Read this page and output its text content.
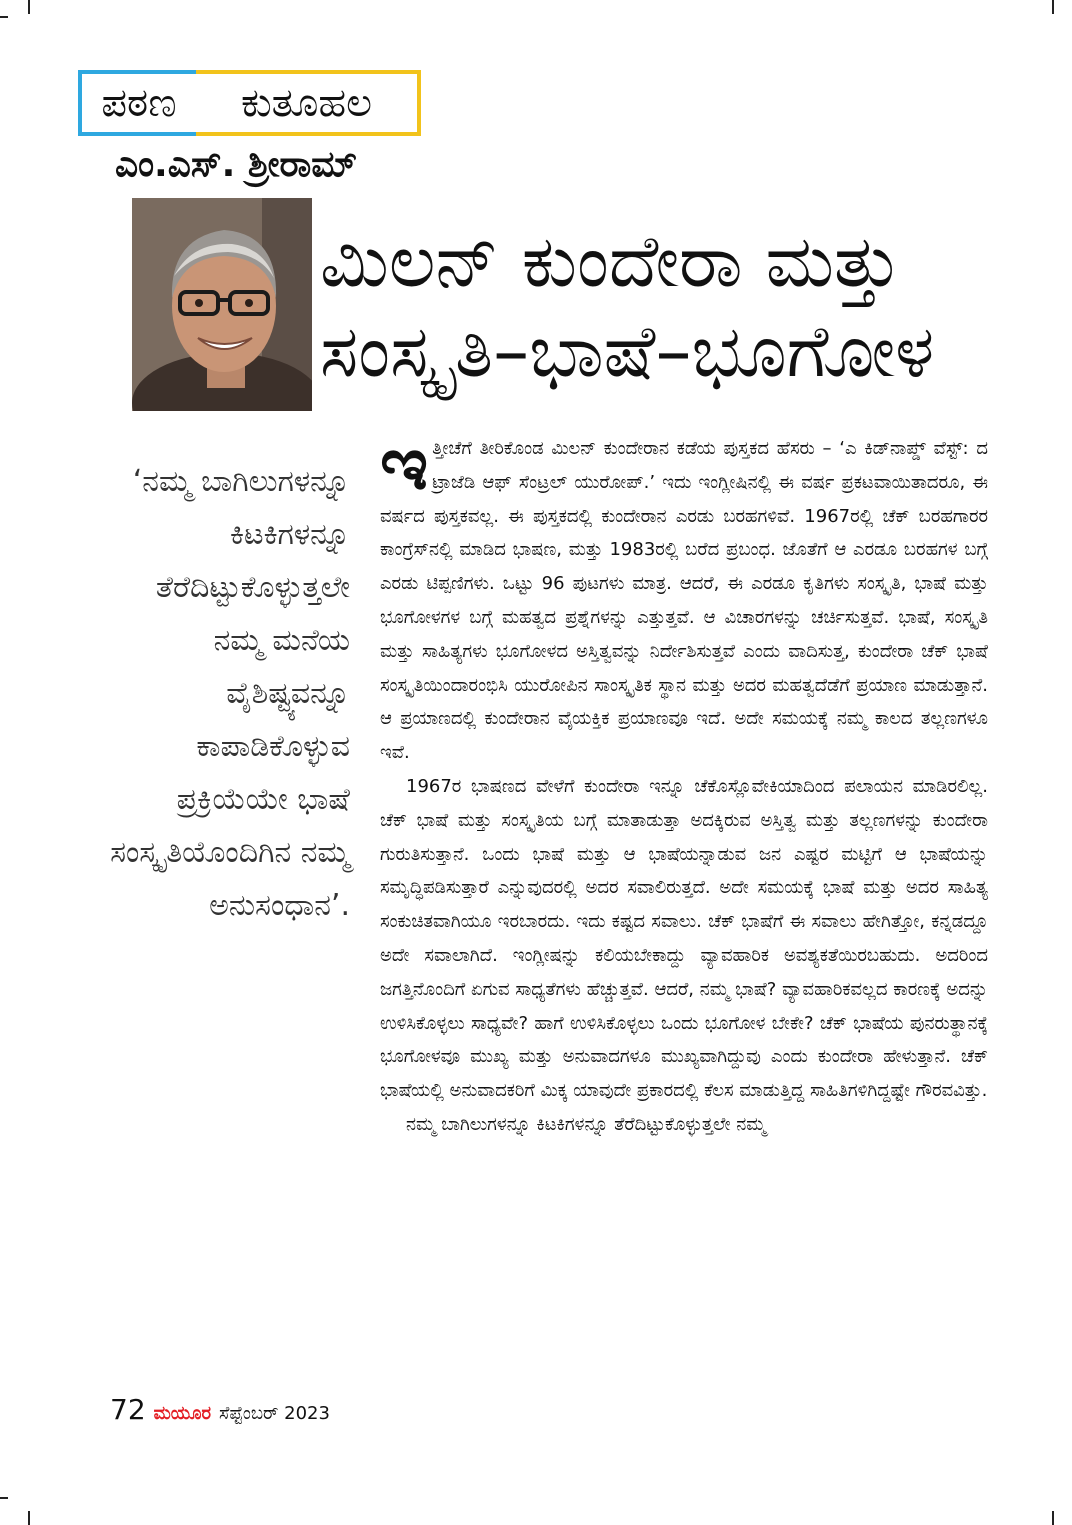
ಪಠಣ ಕುತೂಹಲ
ಎಂ.ಎಸ್. ಶ್ರೀರಾಮ್
ಮಿಲನ್ ಕುಂದೇರಾ ಮತ್ತು
ಸಂಸ್ಕೃತಿ–ಭಾಷೆ–ಭೂಗೋಳ
‘ನಮ್ಮ ಬಾಗಿಲುಗಳನ್ನೂ ಕಿಟಕಿಗಳನ್ನೂ ತೆರೆದಿಟ್ಟುಕೊಳ್ಳುತ್ತಲೇ ನಮ್ಮ ಮನೆಯ ವೈಶಿಷ್ಟ್ಯವನ್ನೂ ಕಾಪಾಡಿಕೊಳ್ಳುವ ಪ್ರಕ್ರಿಯೆಯೇ ಭಾಷೆ ಸಂಸ್ಕೃತಿಯೊಂದಿಗಿನ ನಮ್ಮ ಅನುಸಂಧಾನ’.

ಇತ್ತೀಚೆಗೆ ತೀರಿಕೊಂಡ ಮಿಲನ್ ಕುಂದೇರಾನ ಕಡೆಯ ಪುಸ್ತಕದ ಹೆಸರು – ‘ಎ ಕಿಡ್‌ನಾಪ್ಡ್ ವೆಸ್ಟ್: ದ ಟ್ರಾಜೆಡಿ ಆಫ್ ಸೆಂಟ್ರಲ್ ಯುರೋಪ್.’ ಇದು ಇಂಗ್ಲೀಷಿನಲ್ಲಿ ಈ ವರ್ಷ ಪ್ರಕಟವಾಯಿತಾದರೂ, ಈ ವರ್ಷದ ಪುಸ್ತಕವಲ್ಲ. ಈ ಪುಸ್ತಕದಲ್ಲಿ ಕುಂದೇರಾನ ಎರಡು ಬರಹಗಳಿವೆ. 1967ರಲ್ಲಿ ಚೆಕ್ ಬರಹಗಾರರ ಕಾಂಗ್ರೆಸ್‌ನಲ್ಲಿ ಮಾಡಿದ ಭಾಷಣ, ಮತ್ತು 1983ರಲ್ಲಿ ಬರೆದ ಪ್ರಬಂಧ. ಜೊತೆಗೆ ಆ ಎರಡೂ ಬರಹಗಳ ಬಗ್ಗೆ ಎರಡು ಟಿಪ್ಪಣಿಗಳು. ಒಟ್ಟು 96 ಪುಟಗಳು ಮಾತ್ರ. ಆದರೆ, ಈ ಎರಡೂ ಕೃತಿಗಳು ಸಂಸ್ಕೃತಿ, ಭಾಷೆ ಮತ್ತು ಭೂಗೋಳಗಳ ಬಗ್ಗೆ ಮಹತ್ವದ ಪ್ರಶ್ನೆಗಳನ್ನು ಎತ್ತುತ್ತವೆ. ಆ ವಿಚಾರಗಳನ್ನು ಚರ್ಚಿಸುತ್ತವೆ. ಭಾಷೆ, ಸಂಸ್ಕೃತಿ ಮತ್ತು ಸಾಹಿತ್ಯಗಳು ಭೂಗೋಳದ ಅಸ್ತಿತ್ವವನ್ನು ನಿರ್ದೇಶಿಸುತ್ತವೆ ಎಂದು ವಾದಿಸುತ್ತ, ಕುಂದೇರಾ ಚೆಕ್ ಭಾಷೆ ಸಂಸ್ಕೃತಿಯಿಂದಾರಂಭಿಸಿ ಯುರೋಪಿನ ಸಾಂಸ್ಕೃತಿಕ ಸ್ಥಾನ ಮತ್ತು ಅದರ ಮಹತ್ವದೆಡೆಗೆ ಪ್ರಯಾಣ ಮಾಡುತ್ತಾನೆ. ಆ ಪ್ರಯಾಣದಲ್ಲಿ ಕುಂದೇರಾನ ವೈಯಕ್ತಿಕ ಪ್ರಯಾಣವೂ ಇದೆ. ಅದೇ ಸಮಯಕ್ಕೆ ನಮ್ಮ ಕಾಲದ ತಲ್ಲಣಗಳೂ ಇವೆ.

1967ರ ಭಾಷಣದ ವೇಳೆಗೆ ಕುಂದೇರಾ ಇನ್ನೂ ಚೆಕೊಸ್ಲೊವೇಕಿಯಾದಿಂದ ಪಲಾಯನ ಮಾಡಿರಲಿಲ್ಲ. ಚೆಕ್ ಭಾಷೆ ಮತ್ತು ಸಂಸ್ಕೃತಿಯ ಬಗ್ಗೆ ಮಾತಾಡುತ್ತಾ ಅದಕ್ಕಿರುವ ಅಸ್ತಿತ್ವ ಮತ್ತು ತಲ್ಲಣಗಳನ್ನು ಕುಂದೇರಾ ಗುರುತಿಸುತ್ತಾನೆ. ಒಂದು ಭಾಷೆ ಮತ್ತು ಆ ಭಾಷೆಯನ್ನಾಡುವ ಜನ ಎಷ್ಟರ ಮಟ್ಟಿಗೆ ಆ ಭಾಷೆಯನ್ನು ಸಮೃದ್ಧಿಪಡಿಸುತ್ತಾರೆ ಎನ್ನುವುದರಲ್ಲಿ ಅದರ ಸವಾಲಿರುತ್ತದೆ. ಅದೇ ಸಮಯಕ್ಕೆ ಭಾಷೆ ಮತ್ತು ಅದರ ಸಾಹಿತ್ಯ ಸಂಕುಚಿತವಾಗಿಯೂ ಇರಬಾರದು. ಇದು ಕಷ್ಟದ ಸವಾಲು. ಚೆಕ್ ಭಾಷೆಗೆ ಈ ಸವಾಲು ಹೇಗಿತ್ತೋ, ಕನ್ನಡದ್ದೂ ಅದೇ ಸವಾಲಾಗಿದೆ. ಇಂಗ್ಲೀಷನ್ನು ಕಲಿಯಬೇಕಾದ್ದು ವ್ಯಾವಹಾರಿಕ ಅವಶ್ಯಕತೆಯಿರಬಹುದು. ಅದರಿಂದ ಜಗತ್ತಿನೊಂದಿಗೆ ಏಗುವ ಸಾಧ್ಯತೆಗಳು ಹೆಚ್ಚುತ್ತವೆ. ಆದರೆ, ನಮ್ಮ ಭಾಷೆ? ವ್ಯಾವಹಾರಿಕವಲ್ಲದ ಕಾರಣಕ್ಕೆ ಅದನ್ನು ಉಳಿಸಿಕೊಳ್ಳಲು ಸಾಧ್ಯವೇ? ಹಾಗೆ ಉಳಿಸಿಕೊಳ್ಳಲು ಒಂದು ಭೂಗೋಳ ಬೇಕೇ? ಚೆಕ್ ಭಾಷೆಯ ಪುನರುತ್ಥಾನಕ್ಕೆ ಭೂಗೋಳವೂ ಮುಖ್ಯ ಮತ್ತು ಅನುವಾದಗಳೂ ಮುಖ್ಯವಾಗಿದ್ದುವು ಎಂದು ಕುಂದೇರಾ ಹೇಳುತ್ತಾನೆ. ಚೆಕ್ ಭಾಷೆಯಲ್ಲಿ ಅನುವಾದಕರಿಗೆ ಮಿಕ್ಕ ಯಾವುದೇ ಪ್ರಕಾರದಲ್ಲಿ ಕೆಲಸ ಮಾಡುತ್ತಿದ್ದ ಸಾಹಿತಿಗಳಿಗಿದ್ದಷ್ಟೇ ಗೌರವವಿತ್ತು.

ನಮ್ಮ ಬಾಗಿಲುಗಳನ್ನೂ ಕಿಟಕಿಗಳನ್ನೂ ತೆರೆದಿಟ್ಟುಕೊಳ್ಳುತ್ತಲೇ ನಮ್ಮ

72 ಮಯೂರ ಸೆಪ್ಟೆಂಬರ್ 2023
